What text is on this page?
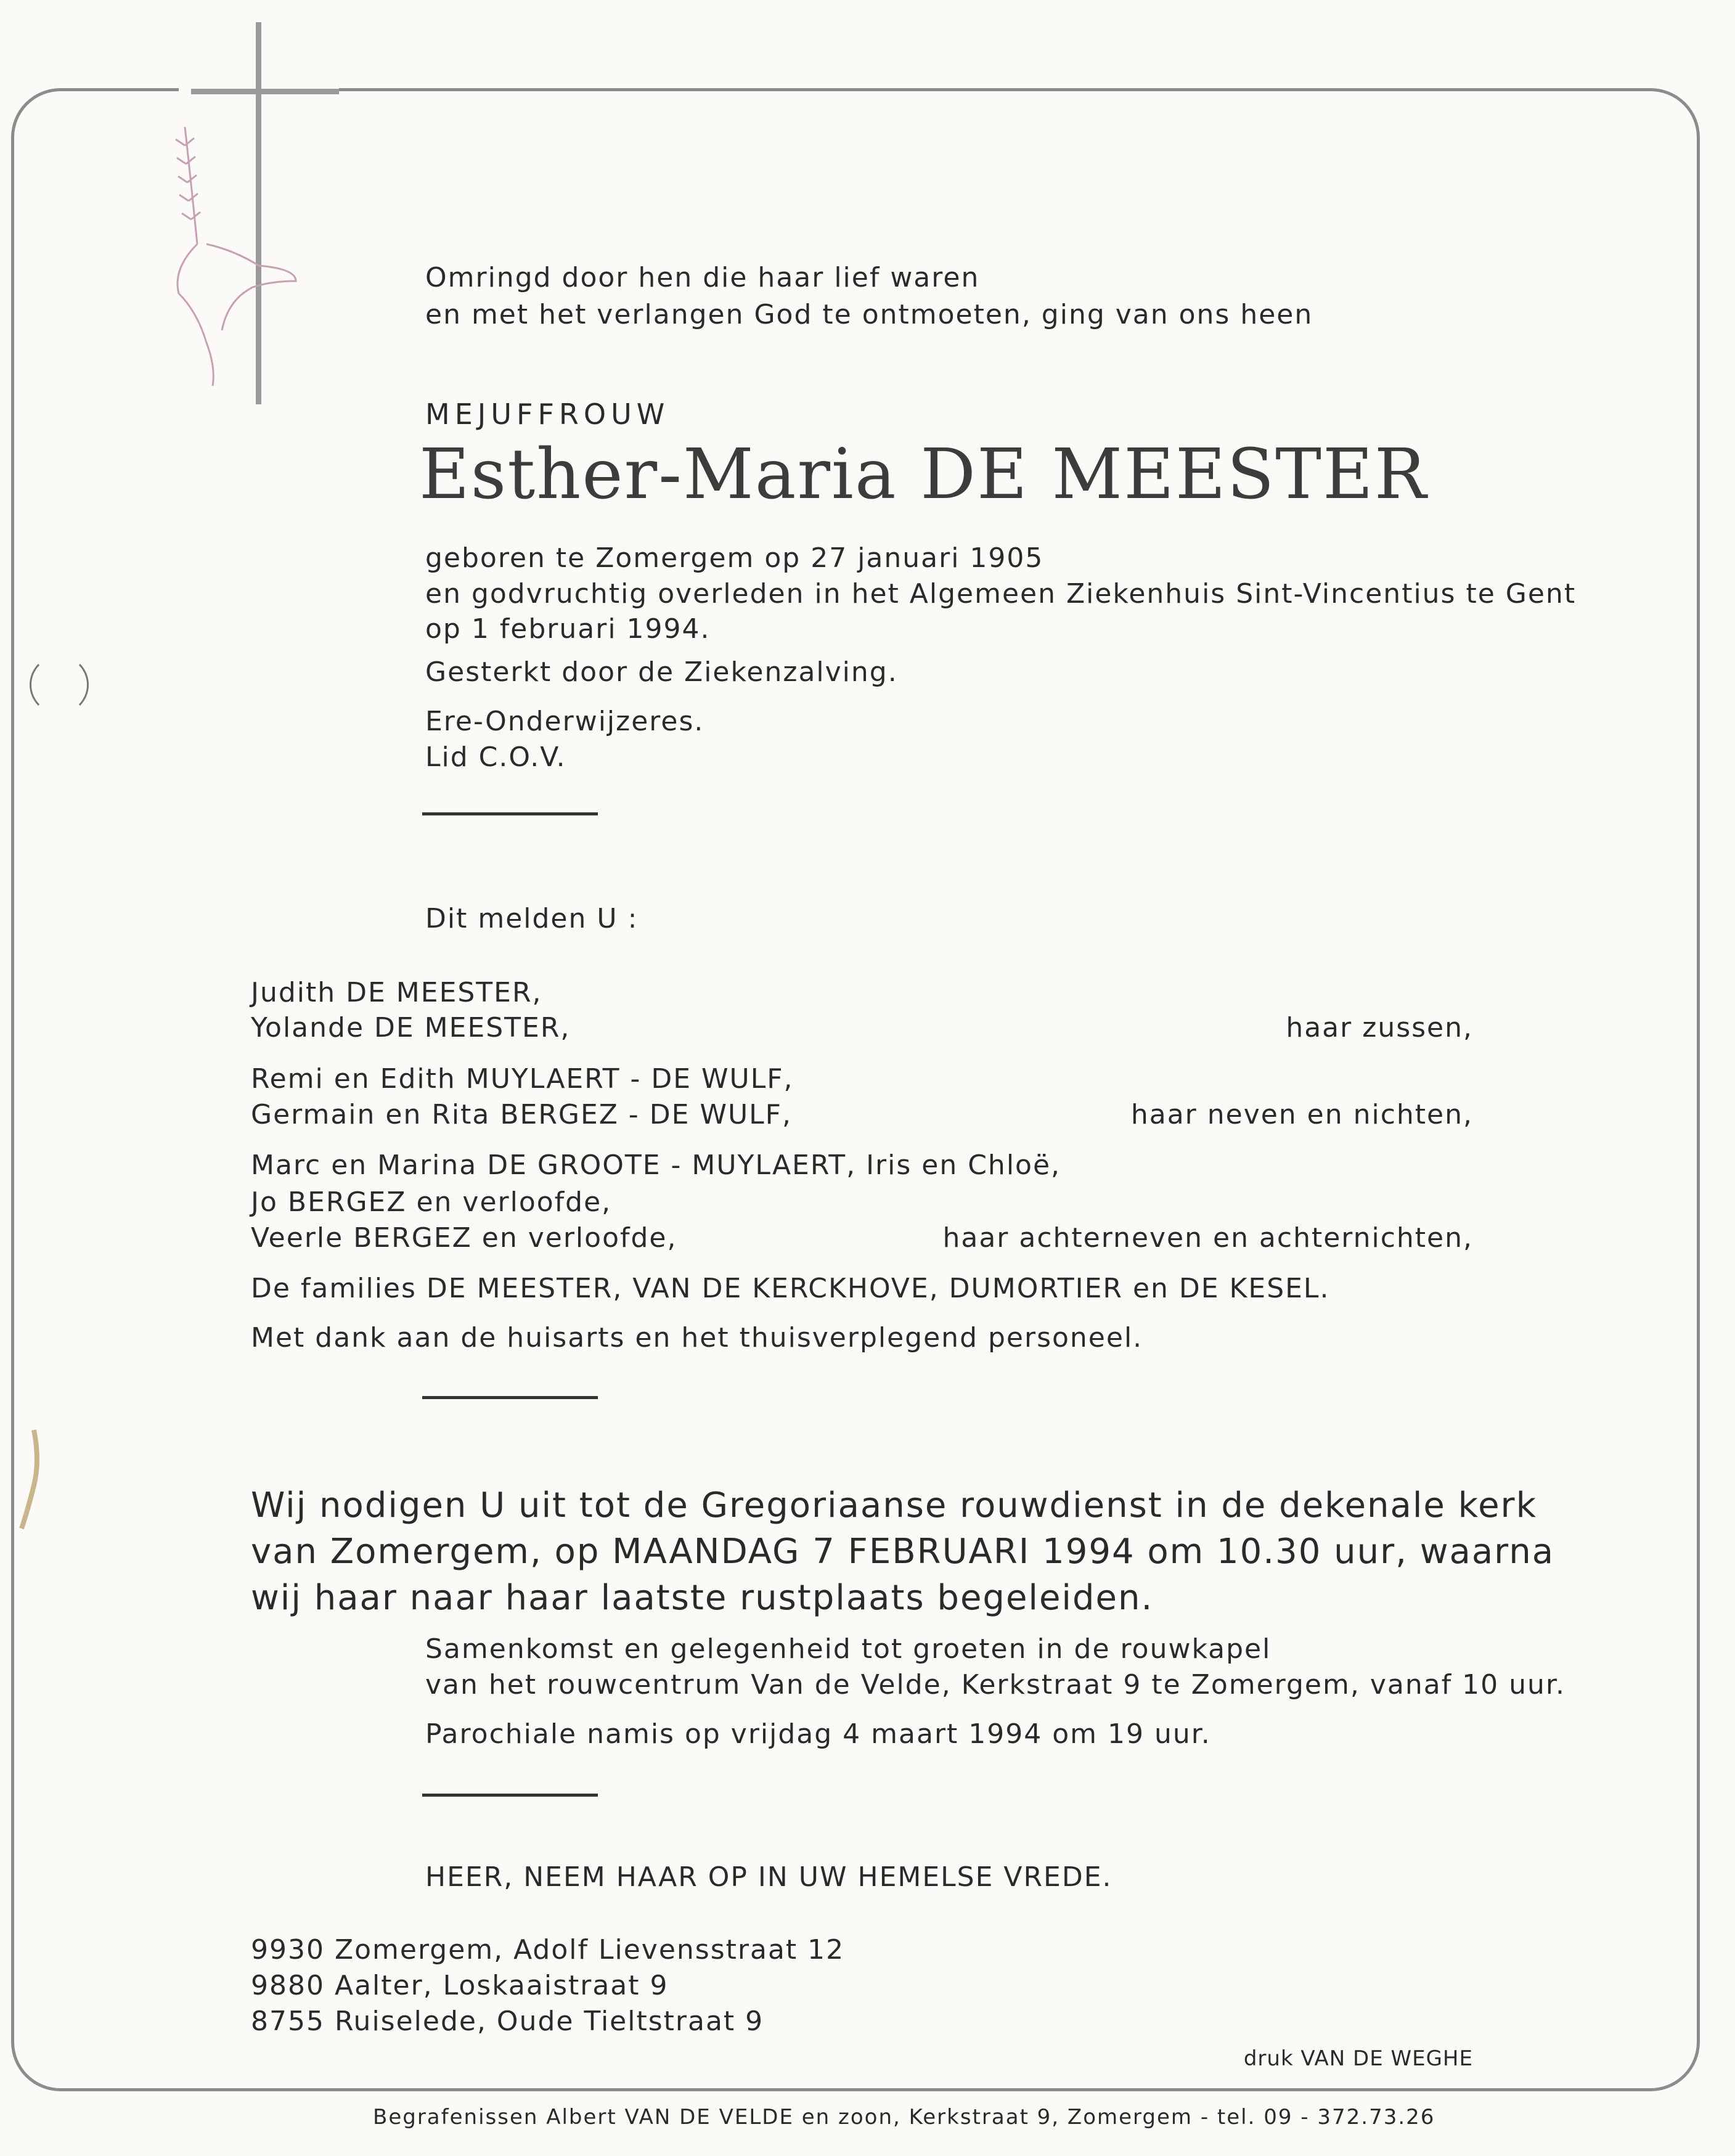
Omringd door hen die haar lief waren
en met het verlangen God te ontmoeten, ging van ons heen
MEJUFFROUW
Esther-Maria DE MEESTER
geboren te Zomergem op 27 januari 1905
en godvruchtig overleden in het Algemeen Ziekenhuis Sint-Vincentius te Gent
op 1 februari 1994.
Gesterkt door de Ziekenzalving.
Ere-Onderwijzeres.
Lid C.O.V.
Dit melden U :
Judith DE MEESTER,
Yolande DE MEESTER,	haar zussen,
Remi en Edith MUYLAERT - DE WULF,
Germain en Rita BERGEZ - DE WULF,	haar neven en nichten,
Marc en Marina DE GROOTE - MUYLAERT, Iris en Chloë,
Jo BERGEZ en verloofde,
Veerle BERGEZ en verloofde,	haar achterneven en achternichten,
De families DE MEESTER, VAN DE KERCKHOVE, DUMORTIER en DE KESEL.
Met dank aan de huisarts en het thuisverplegend personeel.
Wij nodigen U uit tot de Gregoriaanse rouwdienst in de dekenale kerk
van Zomergem, op MAANDAG 7 FEBRUARI 1994 om 10.30 uur, waarna
wij haar naar haar laatste rustplaats begeleiden.
Samenkomst en gelegenheid tot groeten in de rouwkapel
van het rouwcentrum Van de Velde, Kerkstraat 9 te Zomergem, vanaf 10 uur.
Parochiale namis op vrijdag 4 maart 1994 om 19 uur.
HEER, NEEM HAAR OP IN UW HEMELSE VREDE.
9930 Zomergem, Adolf Lievensstraat 12
9880 Aalter, Loskaaistraat 9
8755 Ruiselede, Oude Tieltstraat 9
druk VAN DE WEGHE
Begrafenissen Albert VAN DE VELDE en zoon, Kerkstraat 9, Zomergem - tel. 09 - 372.73.26
